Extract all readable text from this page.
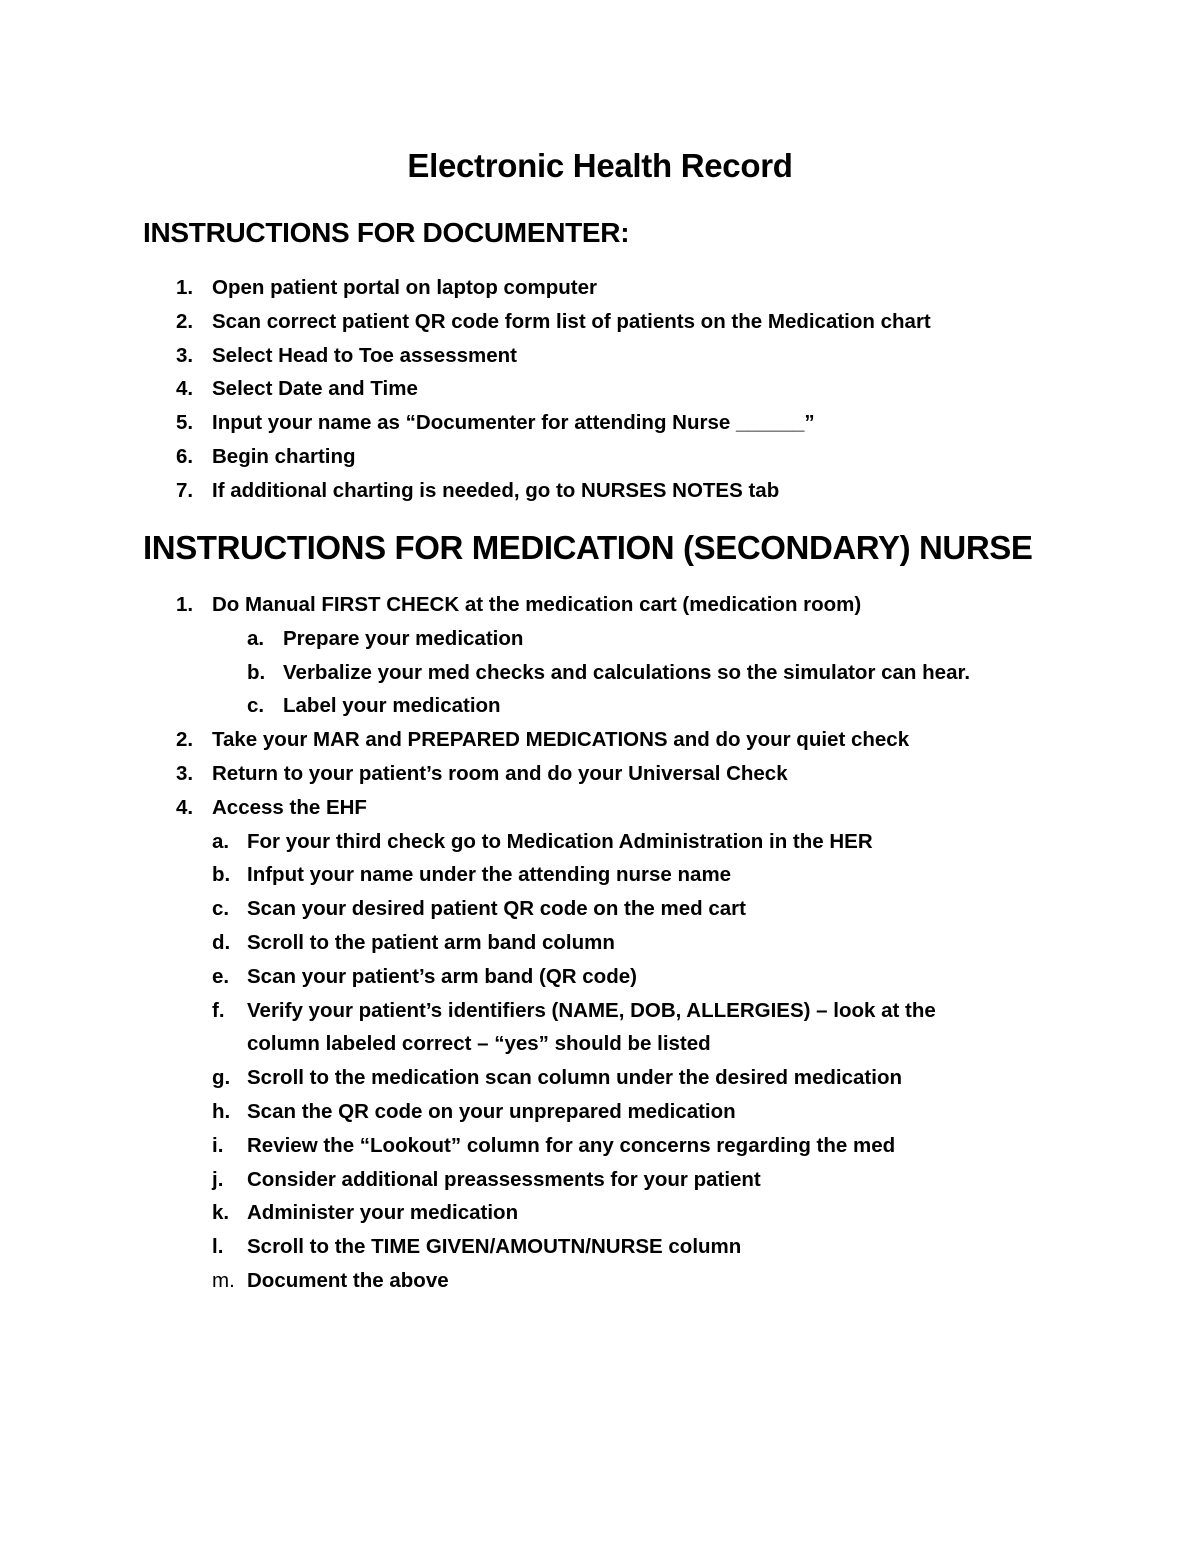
Electronic Health Record
INSTRUCTIONS FOR DOCUMENTER:
1. Open patient portal on laptop computer
2. Scan correct patient QR code form list of patients on the Medication chart
3. Select Head to Toe assessment
4. Select Date and Time
5. Input your name as “Documenter for attending Nurse ______”
6. Begin charting
7. If additional charting is needed, go to NURSES NOTES tab
INSTRUCTIONS FOR MEDICATION (SECONDARY) NURSE
1. Do Manual FIRST CHECK at the medication cart (medication room)
a. Prepare your medication
b. Verbalize your med checks and calculations so the simulator can hear.
c. Label your medication
2. Take your MAR and PREPARED MEDICATIONS and do your quiet check
3. Return to your patient’s room and do your Universal Check
4. Access the EHF
a. For your third check go to Medication Administration in the HER
b. Infput your name under the attending nurse name
c. Scan your desired patient QR code on the med cart
d. Scroll to the patient arm band column
e. Scan your patient’s arm band (QR code)
f. Verify your patient’s identifiers (NAME, DOB, ALLERGIES) – look at the
column labeled correct – “yes” should be listed
g. Scroll to the medication scan column under the desired medication
h. Scan the QR code on your unprepared medication
i. Review the “Lookout” column for any concerns regarding the med
j. Consider additional preassessments for your patient
k. Administer your medication
l. Scroll to the TIME GIVEN/AMOUTN/NURSE column
m. Document the above
